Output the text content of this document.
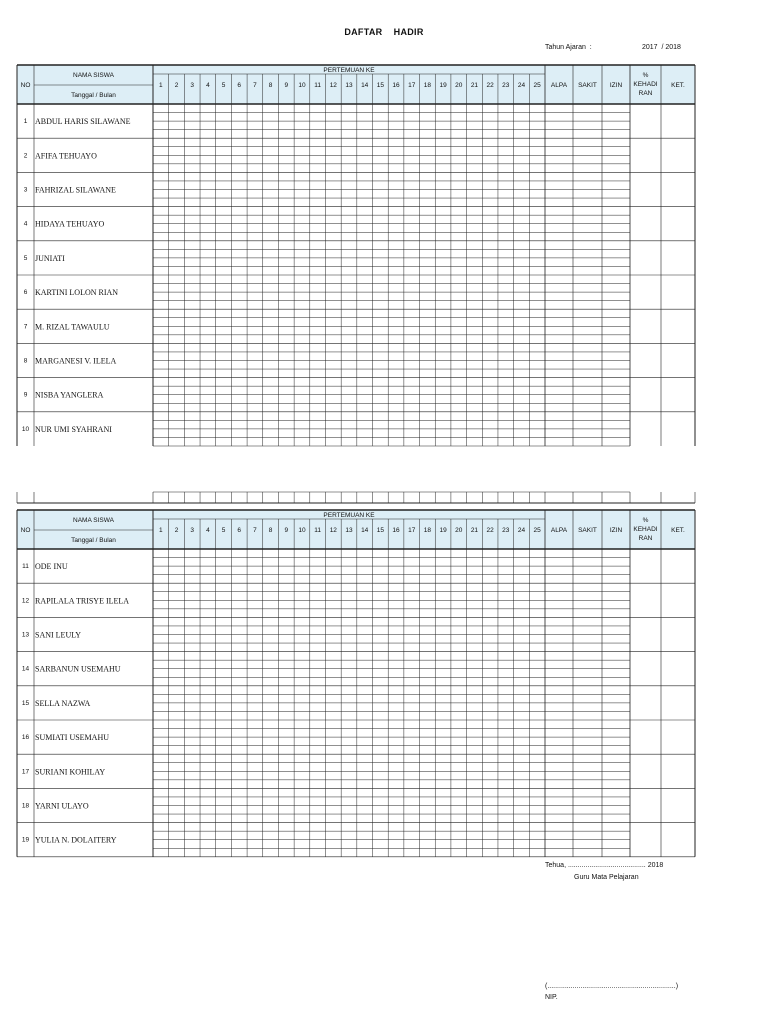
DAFTAR    HADIR
Tahun Ajaran  :	2017  / 2018
NO
NAMA SISWA
Tanggal / Bulan
PERTEMUAN KE
1 2 3 4 5 6 7 8 9 10 11 12 13 14 15 16 17 18 19 20 21 22 23 24 25 ALPA SAKIT IZIN
%
KEHADI
RAN
KET.
1 ABDUL HARIS SILAWANE
2 AFIFA TEHUAYO
3 FAHRIZAL SILAWANE
4 HIDAYA TEHUAYO
5 JUNIATI
6 KARTINI LOLON RIAN
7 M. RIZAL TAWAULU
8 MARGANESI V. ILELA
9 NISBA YANGLERA
10 NUR UMI SYAHRANI
NO
NAMA SISWA
Tanggal / Bulan
PERTEMUAN KE
1 2 3 4 5 6 7 8 9 10 11 12 13 14 15 16 17 18 19 20 21 22 23 24 25 ALPA SAKIT IZIN
%
KEHADI
RAN
KET.
11 ODE INU
12 RAPILALA TRISYE ILELA
13 SANI LEULY
14 SARBANUN USEMAHU
15 SELLA NAZWA
16 SUMIATI USEMAHU
17 SURIANI KOHILAY
18 YARNI ULAYO
19 YULIA N. DOLAITERY
Tehua, ........................................ 2018
Guru Mata Pelajaran
(..................................................................)
NIP.
